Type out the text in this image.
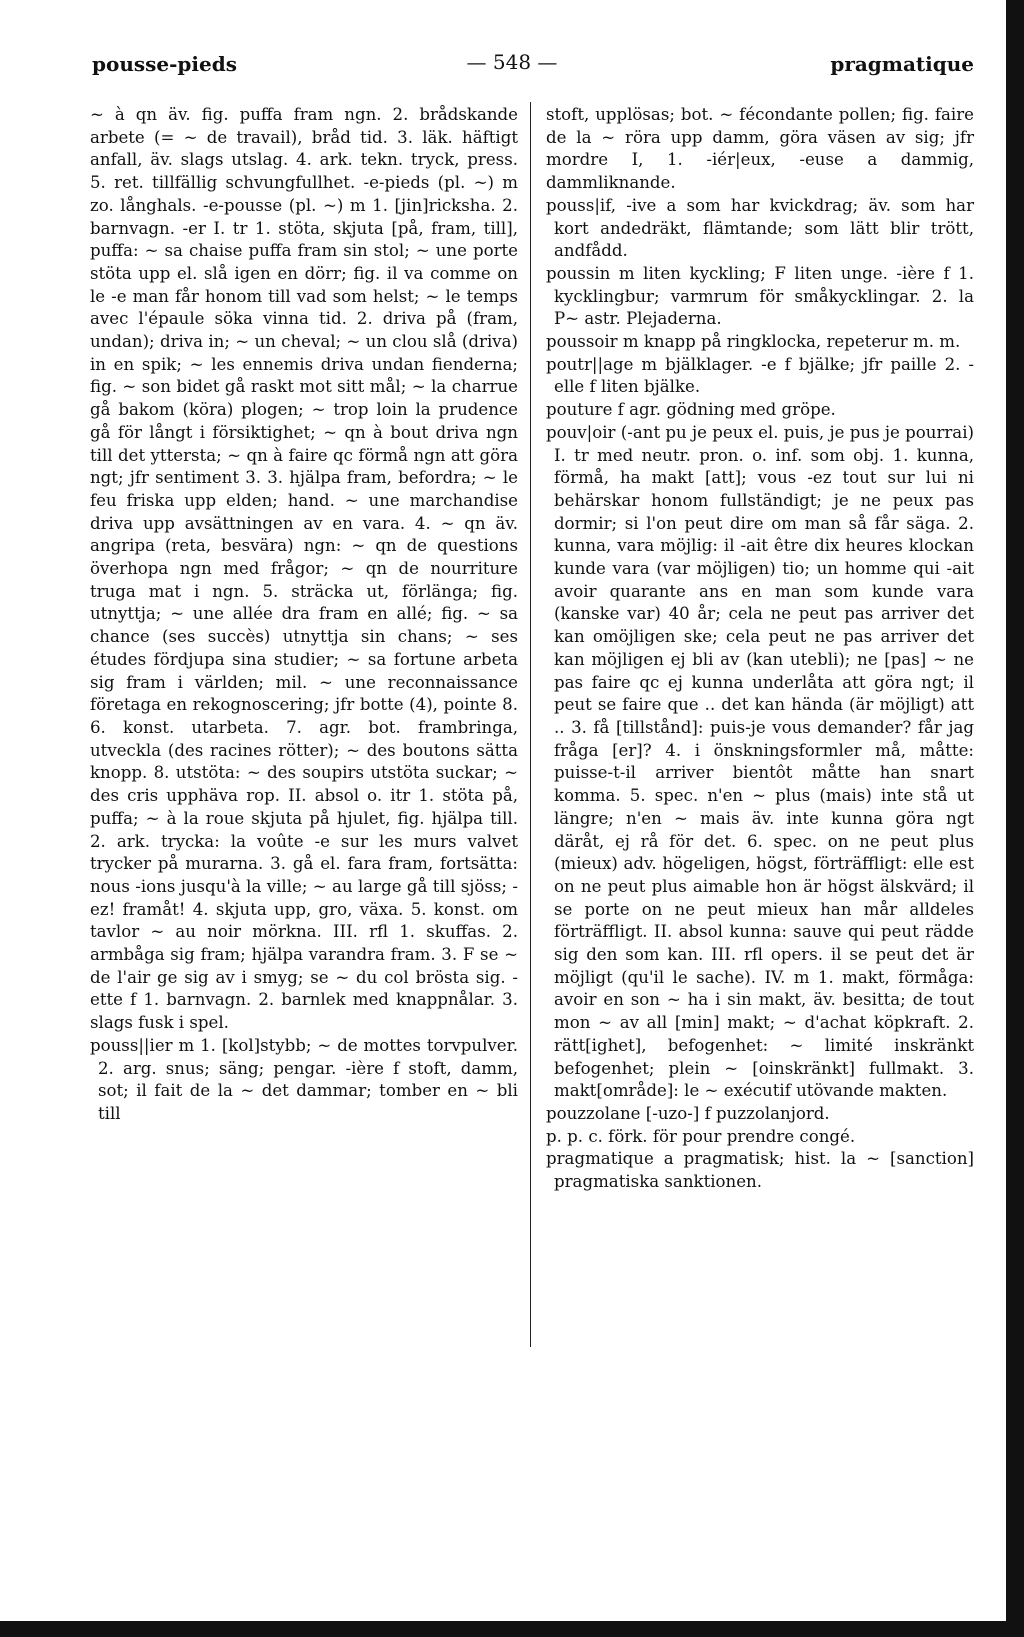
pousse-pieds	— 548 —	pragmatique

~ à qn äv. fig. puffa fram ngn. 2. brådskande arbete (= ~ de travail), bråd tid. 3. läk. häftigt anfall, äv. slags utslag. 4. ark. tekn. tryck, press. 5. ret. tillfällig schvungfullhet. -e-pieds (pl. ~) m zo. långhals. -e-pousse (pl. ~) m 1. [jin]ricksha. 2. barnvagn. -er I. tr 1. stöta, skjuta [på, fram, till], puffa: ~ sa chaise puffa fram sin stol; ~ une porte stöta upp el. slå igen en dörr; fig. il va comme on le -e man får honom till vad som helst; ~ le temps avec l'épaule söka vinna tid. 2. driva på (fram, undan); driva in; ~ un cheval; ~ un clou slå (driva) in en spik; ~ les ennemis driva undan fienderna; fig. ~ son bidet gå raskt mot sitt mål; ~ la charrue gå bakom (köra) plogen; ~ trop loin la prudence gå för långt i försiktighet; ~ qn à bout driva ngn till det yttersta; ~ qn à faire qc förmå ngn att göra ngt; jfr sentiment 3. 3. hjälpa fram, befordra; ~ le feu friska upp elden; hand. ~ une marchandise driva upp avsättningen av en vara. 4. ~ qn äv. angripa (reta, besvära) ngn: ~ qn de questions överhopa ngn med frågor; ~ qn de nourriture truga mat i ngn. 5. sträcka ut, förlänga; fig. utnyttja; ~ une allée dra fram en allé; fig. ~ sa chance (ses succès) utnyttja sin chans; ~ ses études fördjupa sina studier; ~ sa fortune arbeta sig fram i världen; mil. ~ une reconnaissance företaga en rekognoscering; jfr botte (4), pointe 8. 6. konst. utarbeta. 7. agr. bot. frambringa, utveckla (des racines rötter); ~ des boutons sätta knopp. 8. utstöta: ~ des soupirs utstöta suckar; ~ des cris upphäva rop. II. absol o. itr 1. stöta på, puffa; ~ à la roue skjuta på hjulet, fig. hjälpa till. 2. ark. trycka: la voûte -e sur les murs valvet trycker på murarna. 3. gå el. fara fram, fortsätta: nous -ions jusqu'à la ville; ~ au large gå till sjöss; -ez! framåt! 4. skjuta upp, gro, växa. 5. konst. om tavlor ~ au noir mörkna. III. rfl 1. skuffas. 2. armbåga sig fram; hjälpa varandra fram. 3. F se ~ de l'air ge sig av i smyg; se ~ du col brösta sig. -ette f 1. barnvagn. 2. barnlek med knappnålar. 3. slags fusk i spel.

pouss||ier m 1. [kol]stybb; ~ de mottes torvpulver. 2. arg. snus; säng; pengar. -ière f stoft, damm, sot; il fait de la ~ det dammar; tomber en ~ bli till

stoft, upplösas; bot. ~ fécondante pollen; fig. faire de la ~ röra upp damm, göra väsen av sig; jfr mordre I, 1. -iér|eux, -euse a dammig, dammliknande.

pouss|if, -ive a som har kvickdrag; äv. som har kort andedräkt, flämtande; som lätt blir trött, andfådd.

poussin m liten kyckling; F liten unge. -ière f 1. kycklingbur; varmrum för småkycklingar. 2. la P~ astr. Plejaderna.

poussoir m knapp på ringklocka, repeterur m. m.

poutr||age m bjälklager. -e f bjälke; jfr paille 2. -elle f liten bjälke.

pouture f agr. gödning med gröpe.

pouv|oir (-ant pu je peux el. puis, je pus je pourrai) I. tr med neutr. pron. o. inf. som obj. 1. kunna, förmå, ha makt [att]; vous -ez tout sur lui ni behärskar honom fullständigt; je ne peux pas dormir; si l'on peut dire om man så får säga. 2. kunna, vara möjlig: il -ait être dix heures klockan kunde vara (var möjligen) tio; un homme qui -ait avoir quarante ans en man som kunde vara (kanske var) 40 år; cela ne peut pas arriver det kan omöjligen ske; cela peut ne pas arriver det kan möjligen ej bli av (kan utebli); ne [pas] ~ ne pas faire qc ej kunna underlåta att göra ngt; il peut se faire que .. det kan hända (är möjligt) att .. 3. få [tillstånd]: puis-je vous demander? får jag fråga [er]? 4. i önskningsformler må, måtte: puisse-t-il arriver bientôt måtte han snart komma. 5. spec. n'en ~ plus (mais) inte stå ut längre; n'en ~ mais äv. inte kunna göra ngt däråt, ej rå för det. 6. spec. on ne peut plus (mieux) adv. högeligen, högst, förträffligt: elle est on ne peut plus aimable hon är högst älskvärd; il se porte on ne peut mieux han mår alldeles förträffligt. II. absol kunna: sauve qui peut rädde sig den som kan. III. rfl opers. il se peut det är möjligt (qu'il le sache). IV. m 1. makt, förmåga: avoir en son ~ ha i sin makt, äv. besitta; de tout mon ~ av all [min] makt; ~ d'achat köpkraft. 2. rätt[ighet], befogenhet: ~ limité inskränkt befogenhet; plein ~ [oinskränkt] fullmakt. 3. makt[område]: le ~ exécutif utövande makten.

pouzzolane [-uzo-] f puzzolanjord.

p. p. c. förk. för pour prendre congé.

pragmatique a pragmatisk; hist. la ~ [sanction] pragmatiska sanktionen.
